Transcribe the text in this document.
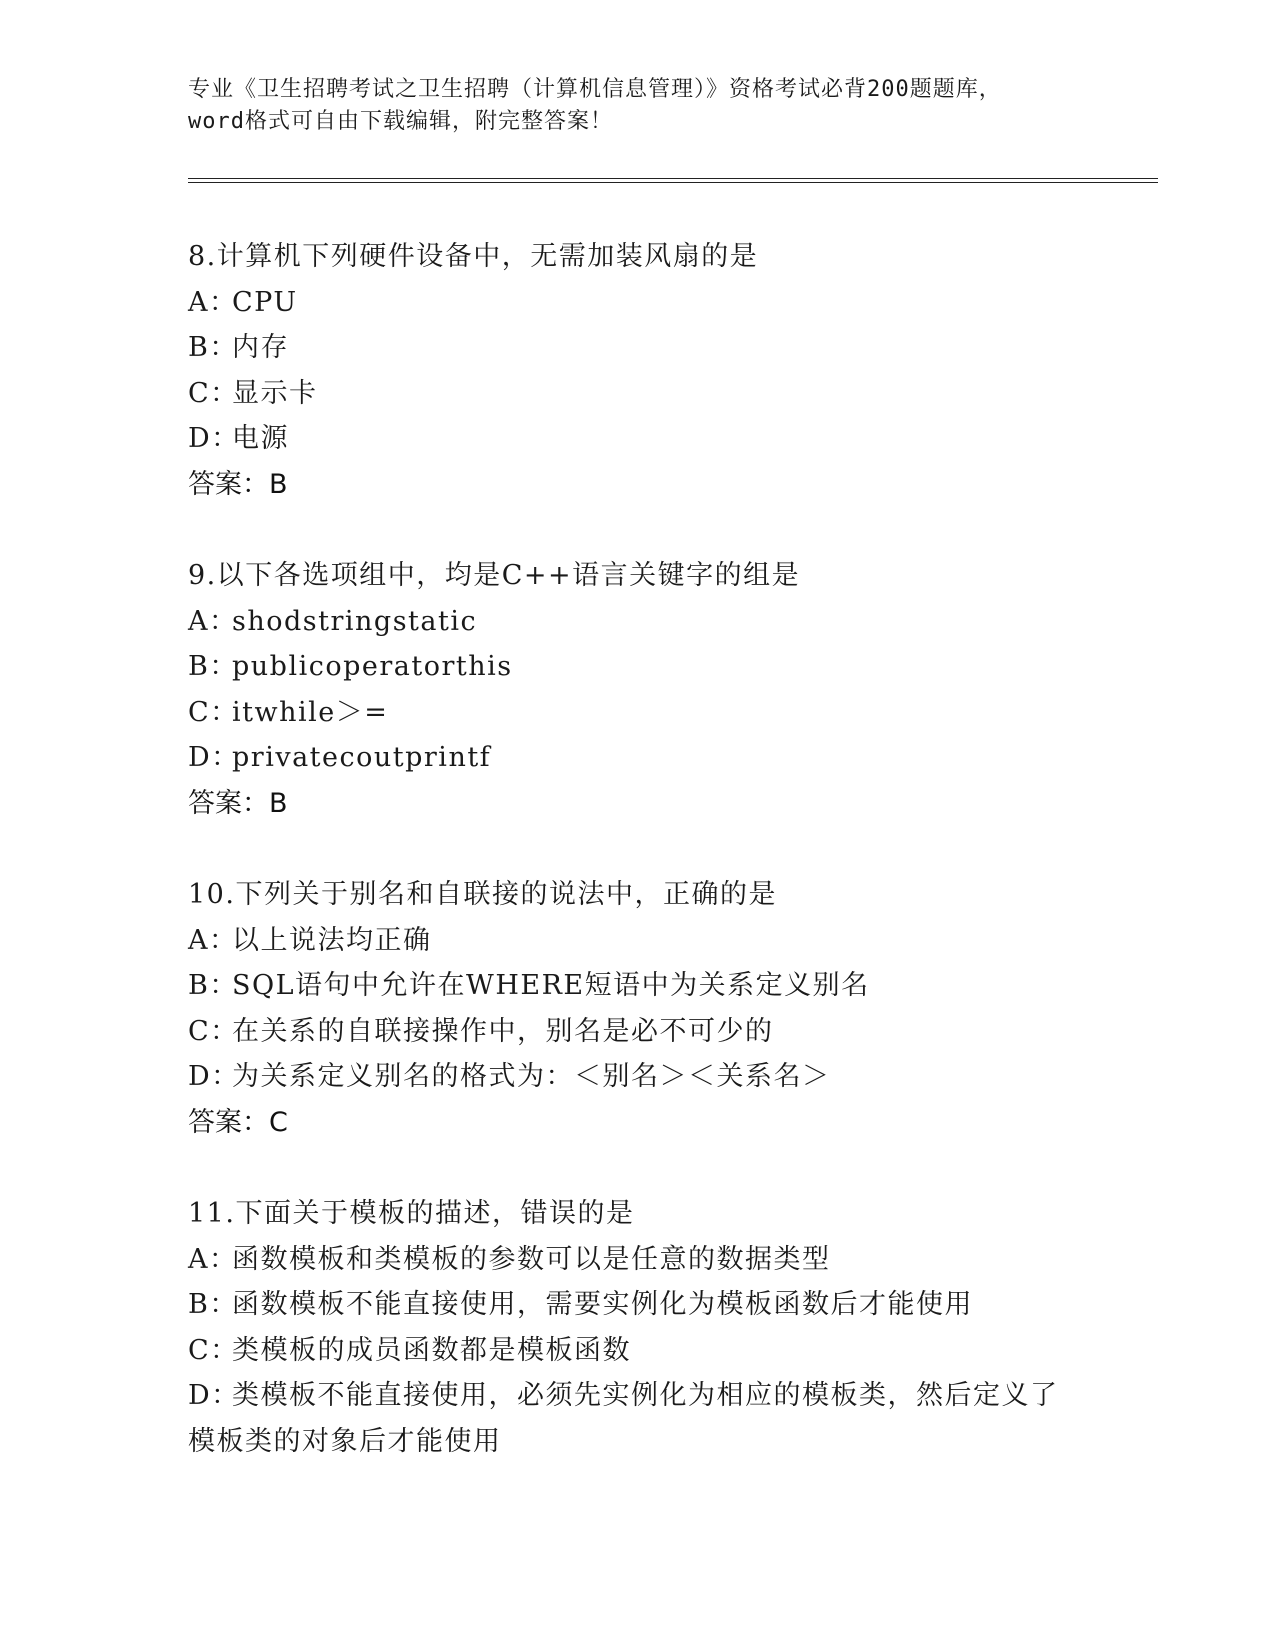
专业《卫生招聘考试之卫生招聘（计算机信息管理）》资格考试必背200题题库，
word格式可自由下载编辑，附完整答案！
8.计算机下列硬件设备中，无需加装风扇的是
A：CPU
B：内存
C：显示卡
D：电源
答案：B
9.以下各选项组中，均是C++语言关键字的组是
A：shodstringstatic
B：publicoperatorthis
C：itwhile＞=
D：privatecoutprintf
答案：B
10.下列关于别名和自联接的说法中，正确的是
A：以上说法均正确
B：SQL语句中允许在WHERE短语中为关系定义别名
C：在关系的自联接操作中，别名是必不可少的
D：为关系定义别名的格式为：＜别名＞＜关系名＞
答案：C
11.下面关于模板的描述，错误的是
A：函数模板和类模板的参数可以是任意的数据类型
B：函数模板不能直接使用，需要实例化为模板函数后才能使用
C：类模板的成员函数都是模板函数
D：类模板不能直接使用，必须先实例化为相应的模板类，然后定义了模板类的对象后才能使用
